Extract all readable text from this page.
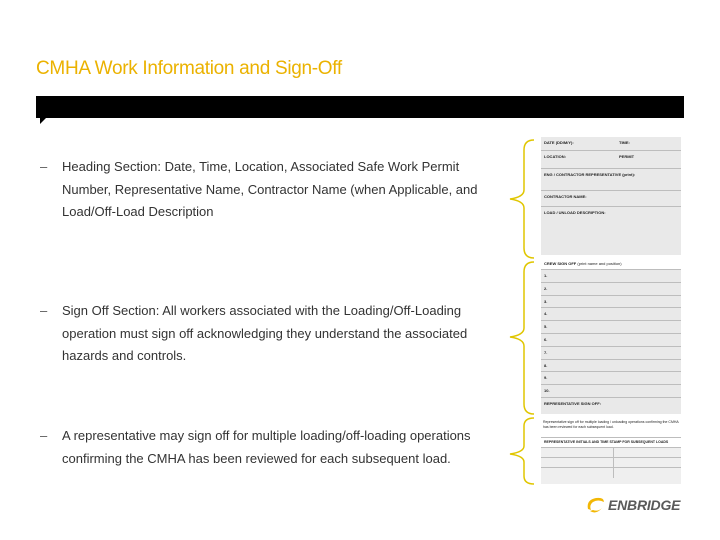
CMHA Work Information and Sign-Off
–	Heading Section: Date, Time, Location, Associated Safe Work Permit Number, Representative Name, Contractor Name (when Applicable, and Load/Off-Load Description
–	Sign Off Section: All workers associated with the Loading/Off-Loading operation must sign off acknowledging they understand the associated hazards and controls.
–	A representative may sign off for multiple loading/off-loading operations confirming the CMHA has been reviewed for each subsequent load.
DATE (DD/M/Y):	TIME:
LOCATION:	PERMIT
ENG / CONTRACTOR REPRESENTATIVE (print):
CONTRACTOR NAME:
LOAD / UNLOAD DESCRIPTION:
CREW SIGN OFF (print name and position)
1.
2.
3.
4.
5.
6.
7.
8.
9.
10.
REPRESENTATIVE SIGN OFF:
Representative sign off for multiple loading / unloading operations confirming the CMHA has been reviewed for each subsequent load.
REPRESENTATIVE INITIALS AND TIME STAMP FOR SUBSEQUENT LOADS
ENBRIDGE
